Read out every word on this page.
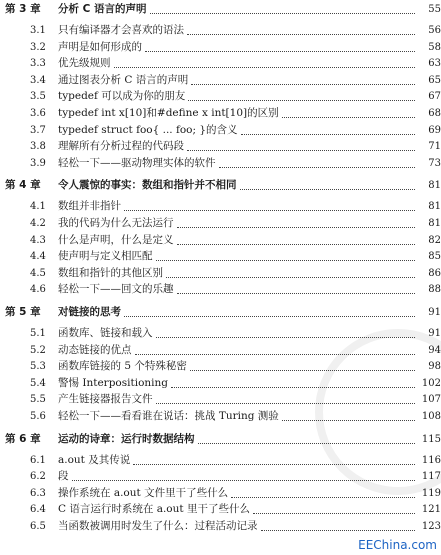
第 3 章	分析 C 语言的声明	55
3.1	只有编译器才会喜欢的语法	56
3.2	声明是如何形成的	58
3.3	优先级规则	63
3.4	通过图表分析 C 语言的声明	65
3.5	typedef 可以成为你的朋友	67
3.6	typedef int x[10]和#define x int[10]的区别	68
3.7	typedef struct foo{ ... foo; }的含义	69
3.8	理解所有分析过程的代码段	71
3.9	轻松一下——驱动物理实体的软件	73
第 4 章	令人震惊的事实：数组和指针并不相同	81
4.1	数组并非指针	81
4.2	我的代码为什么无法运行	81
4.3	什么是声明，什么是定义	82
4.4	使声明与定义相匹配	85
4.5	数组和指针的其他区别	86
4.6	轻松一下——回文的乐趣	88
第 5 章	对链接的思考	91
5.1	函数库、链接和载入	91
5.2	动态链接的优点	94
5.3	函数库链接的 5 个特殊秘密	98
5.4	警惕 Interpositioning	102
5.5	产生链接器报告文件	107
5.6	轻松一下——看看谁在说话：挑战 Turing 测验	108
第 6 章	运动的诗章：运行时数据结构	115
6.1	a.out 及其传说	116
6.2	段	117
6.3	操作系统在 a.out 文件里干了些什么	119
6.4	C 语言运行时系统在 a.out 里干了些什么	121
6.5	当函数被调用时发生了什么：过程活动记录	123
EEChina.com
